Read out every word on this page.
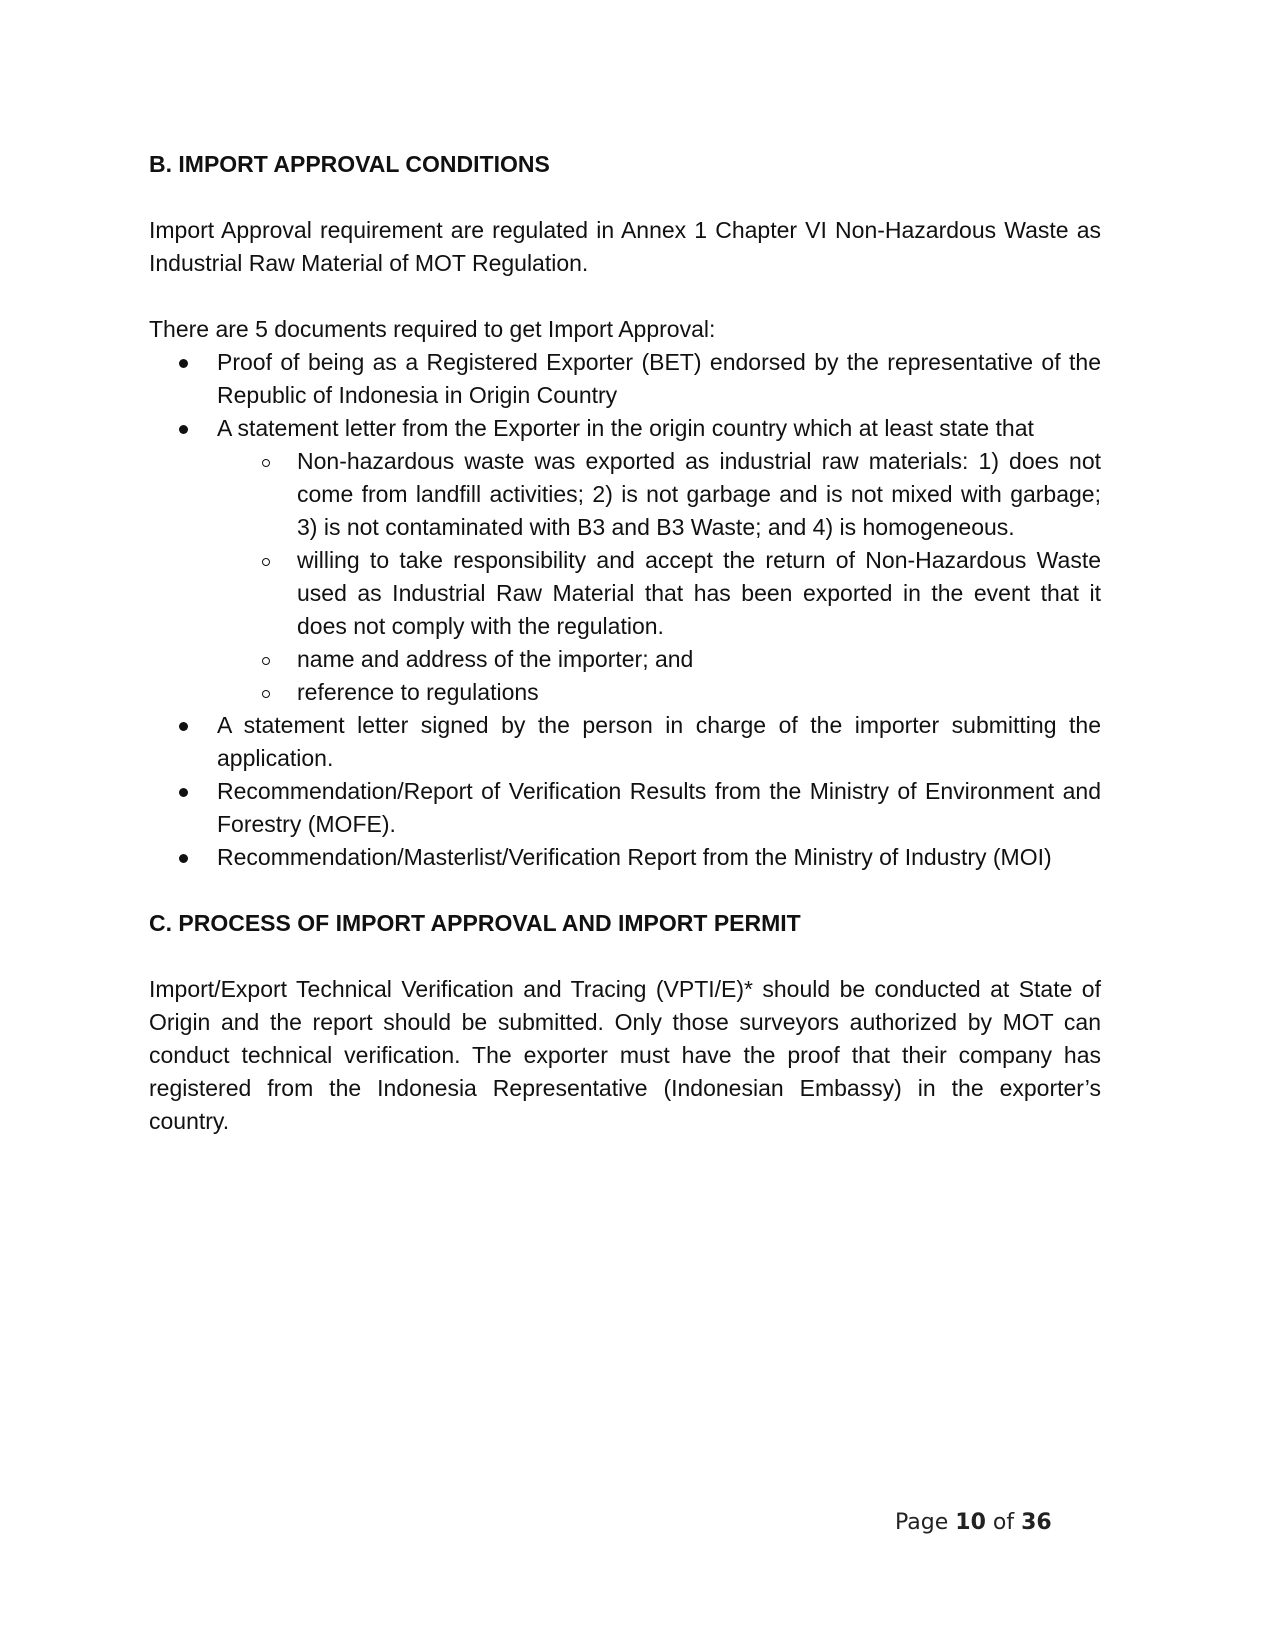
B. IMPORT APPROVAL CONDITIONS

Import Approval requirement are regulated in Annex 1 Chapter VI Non-Hazardous Waste as Industrial Raw Material of MOT Regulation.

There are 5 documents required to get Import Approval:

Proof of being as a Registered Exporter (BET) endorsed by the representative of the Republic of Indonesia in Origin Country
A statement letter from the Exporter in the origin country which at least state that
Non-hazardous waste was exported as industrial raw materials: 1) does not come from landfill activities; 2) is not garbage and is not mixed with garbage; 3) is not contaminated with B3 and B3 Waste; and 4) is homogeneous.
willing to take responsibility and accept the return of Non-Hazardous Waste used as Industrial Raw Material that has been exported in the event that it does not comply with the regulation.
name and address of the importer; and
reference to regulations
A statement letter signed by the person in charge of the importer submitting the application.
Recommendation/Report of Verification Results from the Ministry of Environment and Forestry (MOFE).
Recommendation/Masterlist/Verification Report from the Ministry of Industry (MOI)

C. PROCESS OF IMPORT APPROVAL AND IMPORT PERMIT

Import/Export Technical Verification and Tracing (VPTI/E)* should be conducted at State of Origin and the report should be submitted. Only those surveyors authorized by MOT can conduct technical verification. The exporter must have the proof that their company has registered from the Indonesia Representative (Indonesian Embassy) in the exporter’s country.

Page 10 of 36
